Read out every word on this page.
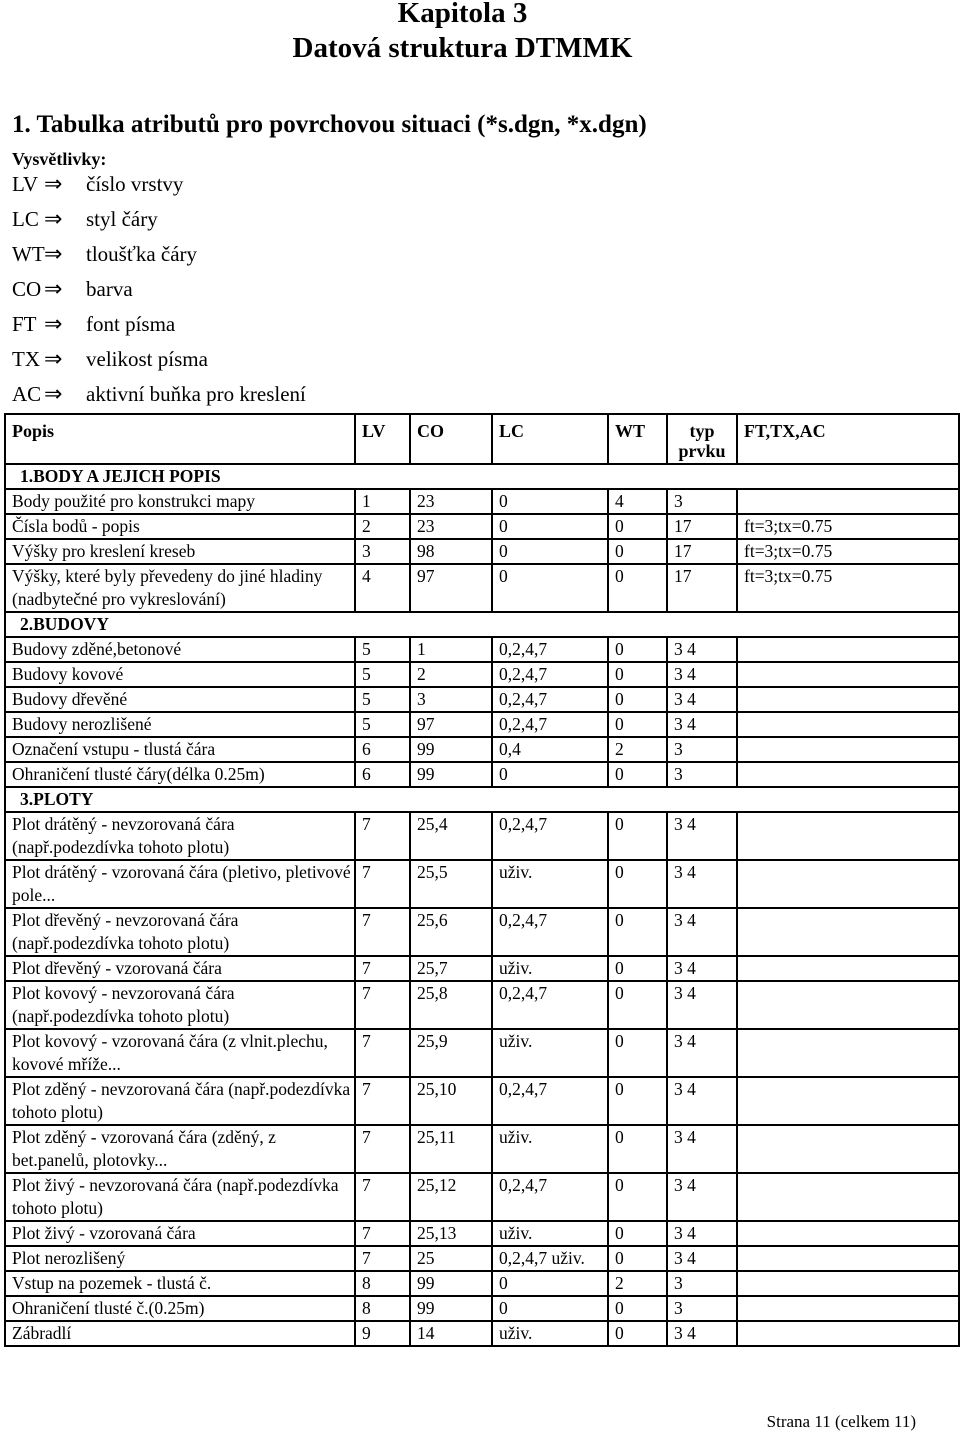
Kapitola 3
Datová struktura DTMMK
1. Tabulka atributů pro povrchovou situaci (*s.dgn, *x.dgn)
Vysvětlivky:
LV ⇒ číslo vrstvy
LC ⇒ styl čáry
WT⇒ tloušťka čáry
CO ⇒ barva
FT ⇒ font písma
TX ⇒ velikost písma
AC ⇒ aktivní buňka pro kreslení
Popis	LV	CO	LC	WT	typ prvku	FT,TX,AC
1.BODY A JEJICH POPIS						
Body použité pro konstrukci mapy	1	23	0	4	3	
Čísla bodů - popis	2	23	0	0	17	ft=3;tx=0.75
Výšky pro kreslení kreseb	3	98	0	0	17	ft=3;tx=0.75
Výšky, které byly převedeny do jiné hladiny (nadbytečné pro vykreslování)	4	97	0	0	17	ft=3;tx=0.75
2.BUDOVY						
Budovy zděné,betonové	5	1	0,2,4,7	0	3 4	
Budovy kovové	5	2	0,2,4,7	0	3 4	
Budovy dřevěné	5	3	0,2,4,7	0	3 4	
Budovy nerozlišené	5	97	0,2,4,7	0	3 4	
Označení vstupu - tlustá čára	6	99	0,4	2	3	
Ohraničení tlusté čáry(délka 0.25m)	6	99	0	0	3	
3.PLOTY						
Plot drátěný - nevzorovaná čára (např.podezdívka tohoto plotu)	7	25,4	0,2,4,7	0	3 4	
Plot drátěný - vzorovaná čára (pletivo, pletivové pole...	7	25,5	uživ.	0	3 4	
Plot dřevěný - nevzorovaná čára (např.podezdívka tohoto plotu)	7	25,6	0,2,4,7	0	3 4	
Plot dřevěný - vzorovaná čára	7	25,7	uživ.	0	3 4	
Plot kovový - nevzorovaná čára (např.podezdívka tohoto plotu)	7	25,8	0,2,4,7	0	3 4	
Plot kovový - vzorovaná čára (z vlnit.plechu, kovové mříže...	7	25,9	uživ.	0	3 4	
Plot zděný - nevzorovaná čára (např.podezdívka tohoto plotu)	7	25,10	0,2,4,7	0	3 4	
Plot zděný - vzorovaná čára (zděný, z bet.panelů, plotovky...	7	25,11	uživ.	0	3 4	
Plot živý - nevzorovaná čára (např.podezdívka tohoto plotu)	7	25,12	0,2,4,7	0	3 4	
Plot živý - vzorovaná čára	7	25,13	uživ.	0	3 4	
Plot nerozlišený	7	25	0,2,4,7 uživ.	0	3 4	
Vstup na pozemek - tlustá č.	8	99	0	2	3	
Ohraničení tlusté č.(0.25m)	8	99	0	0	3	
Zábradlí	9	14	uživ.	0	3 4	
Strana 11 (celkem 11)
